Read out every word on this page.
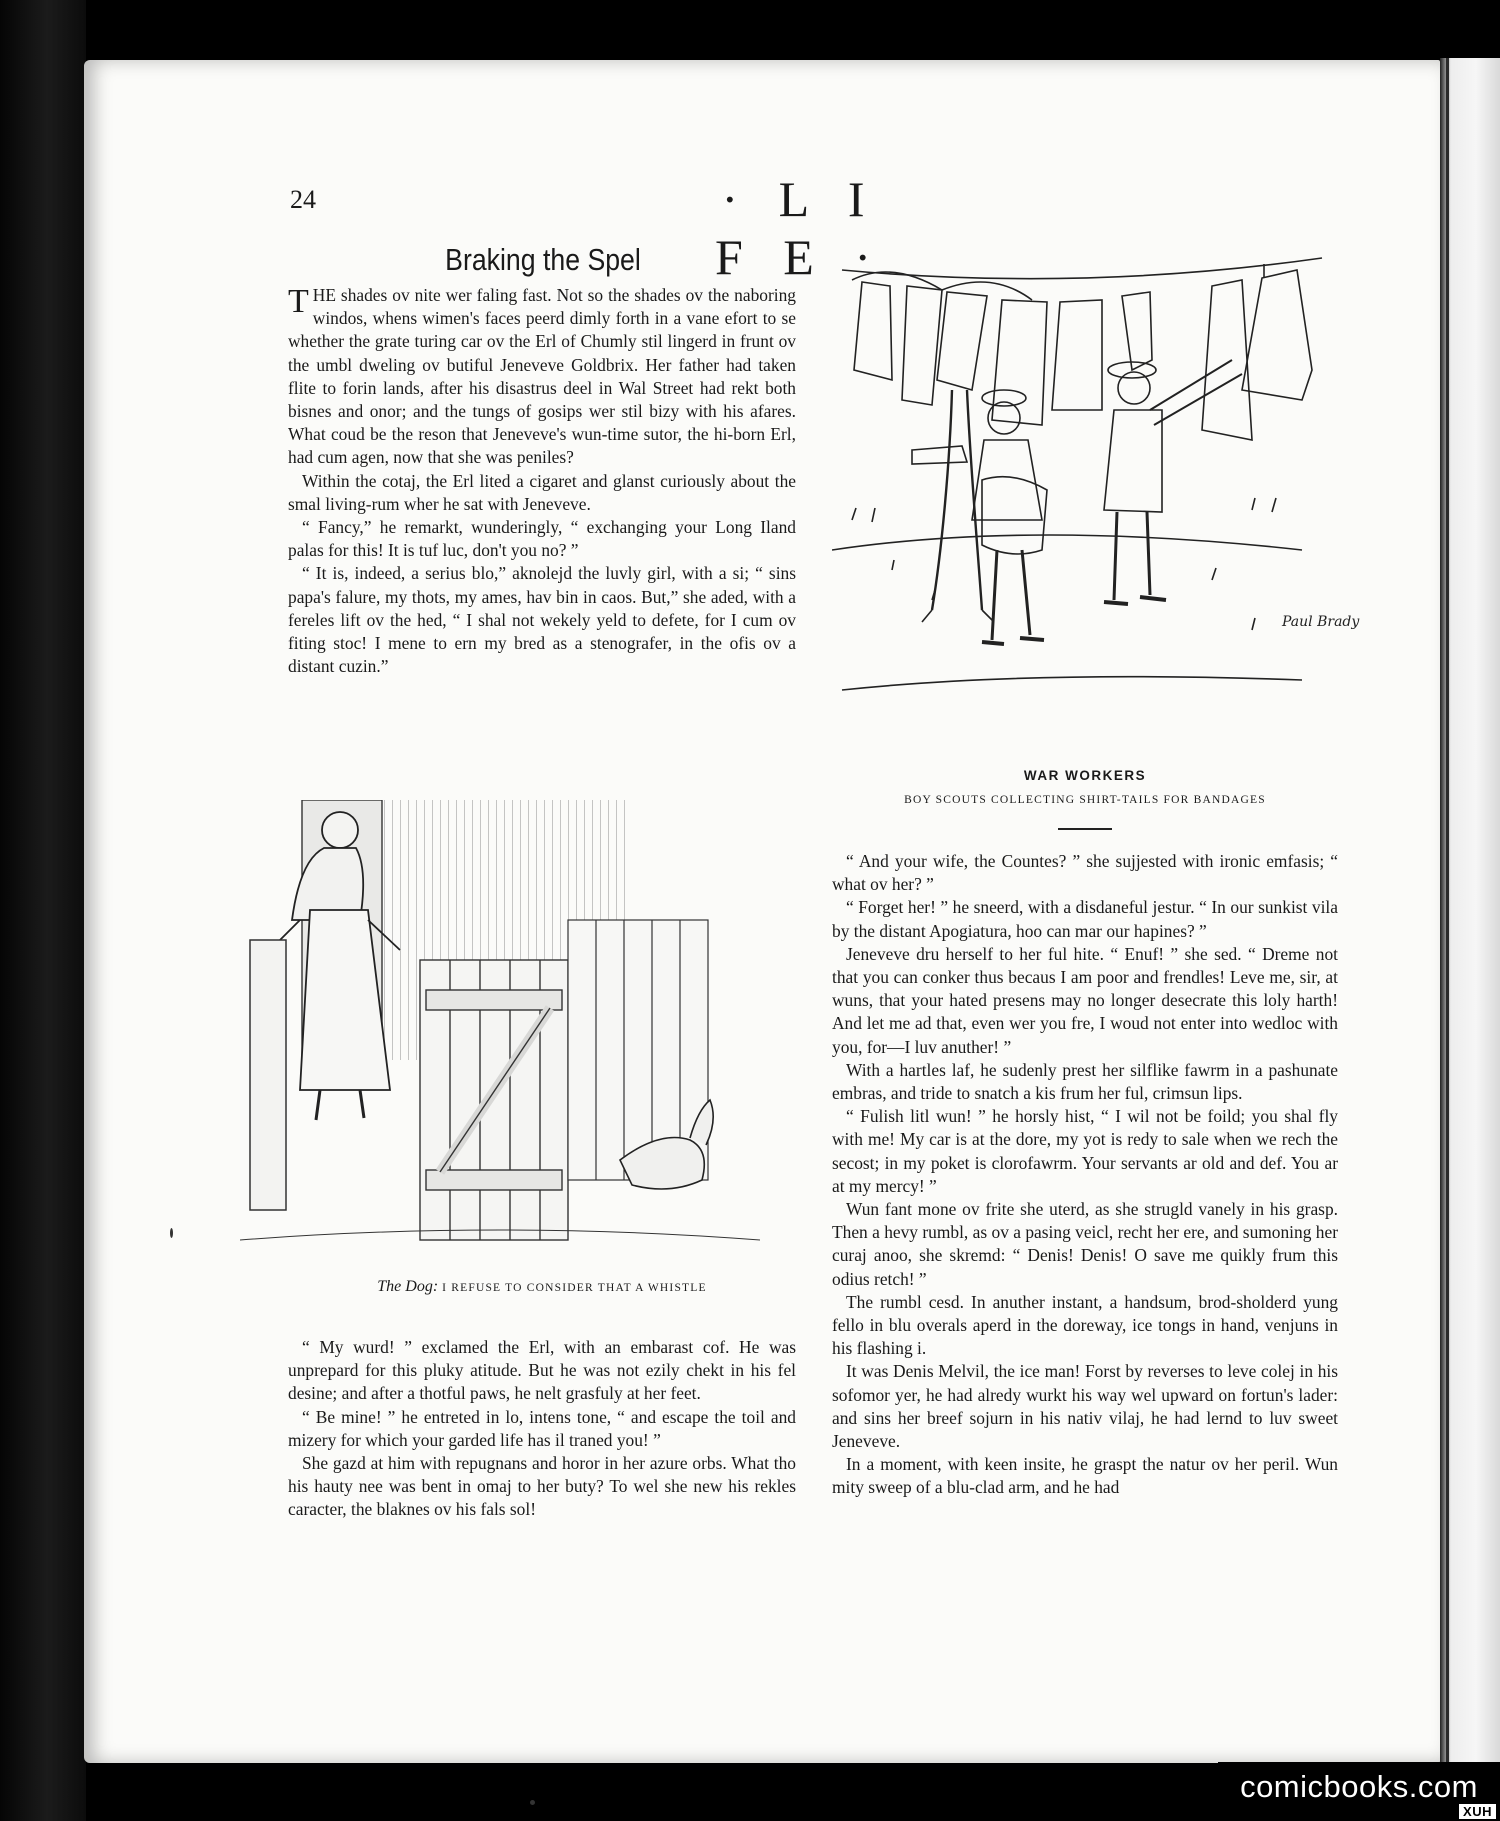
24	· L I F E ·
Braking the Spel

THE shades ov nite wer faling fast. Not so the shades ov the naboring windos, whens wimen's faces peerd dimly forth in a vane efort to se whether the grate turing car ov the Erl of Chumly stil lingerd in frunt ov the umbl dweling ov butiful Jeneveve Goldbrix. Her father had taken flite to forin lands, after his disastrus deel in Wal Street had rekt both bisnes and onor; and the tungs of gosips wer stil bizy with his afares. What coud be the reson that Jeneveve's wun-time sutor, the hi-born Erl, had cum agen, now that she was peniles?

Within the cotaj, the Erl lited a cigaret and glanst curiously about the smal living-rum wher he sat with Jeneveve.

“ Fancy,” he remarkt, wunderingly, “ exchanging your Long Iland palas for this! It is tuf luc, don't you no? ”

“ It is, indeed, a serius blo,” aknolejd the luvly girl, with a si; “ sins papa's falure, my thots, my ames, hav bin in caos. But,” she aded, with a fereles lift ov the hed, “ I shal not wekely yeld to defete, for I cum ov fiting stoc! I mene to ern my bred as a stenografer, in the ofis ov a distant cuzin.”

Paul Brady
WAR WORKERS
BOY SCOUTS COLLECTING SHIRT-TAILS FOR BANDAGES
The Dog: I REFUSE TO CONSIDER THAT A WHISTLE

“ My wurd! ” exclamed the Erl, with an embarast cof. He was unprepard for this pluky atitude. But he was not ezily chekt in his fel desine; and after a thotful paws, he nelt grasfuly at her feet.

“ Be mine! ” he entreted in lo, intens tone, “ and escape the toil and mizery for which your garded life has il traned you! ”

She gazd at him with repugnans and horor in her azure orbs. What tho his hauty nee was bent in omaj to her buty? To wel she new his rekles caracter, the blaknes ov his fals sol!

“ And your wife, the Countes? ” she sujjested with ironic emfasis; “ what ov her? ”

“ Forget her! ” he sneerd, with a disdaneful jestur. “ In our sunkist vila by the distant Apogiatura, hoo can mar our hapines? ”

Jeneveve dru herself to her ful hite. “ Enuf! ” she sed. “ Dreme not that you can conker thus becaus I am poor and frendles! Leve me, sir, at wuns, that your hated presens may no longer desecrate this loly harth! And let me ad that, even wer you fre, I woud not enter into wedloc with you, for—I luv anuther! ”

With a hartles laf, he sudenly prest her silflike fawrm in a pashunate embras, and tride to snatch a kis frum her ful, crimsun lips.

“ Fulish litl wun! ” he horsly hist, “ I wil not be foild; you shal fly with me! My car is at the dore, my yot is redy to sale when we rech the secost; in my poket is clorofawrm. Your servants ar old and def. You ar at my mercy! ”

Wun fant mone ov frite she uterd, as she strugld vanely in his grasp. Then a hevy rumbl, as ov a pasing veicl, recht her ere, and sumoning her curaj anoo, she skremd: “ Denis! Denis! O save me quikly frum this odius retch! ”

The rumbl cesd. In anuther instant, a handsum, brod-sholderd yung fello in blu overals aperd in the doreway, ice tongs in hand, venjuns in his flashing i.

It was Denis Melvil, the ice man! Forst by reverses to leve colej in his sofomor yer, he had alredy wurkt his way wel upward on fortun's lader: and sins her breef sojurn in his nativ vilaj, he had lernd to luv sweet Jeneveve.

In a moment, with keen insite, he graspt the natur ov her peril. Wun mity sweep of a blu-clad arm, and he had

comicbooks.com
XUH
